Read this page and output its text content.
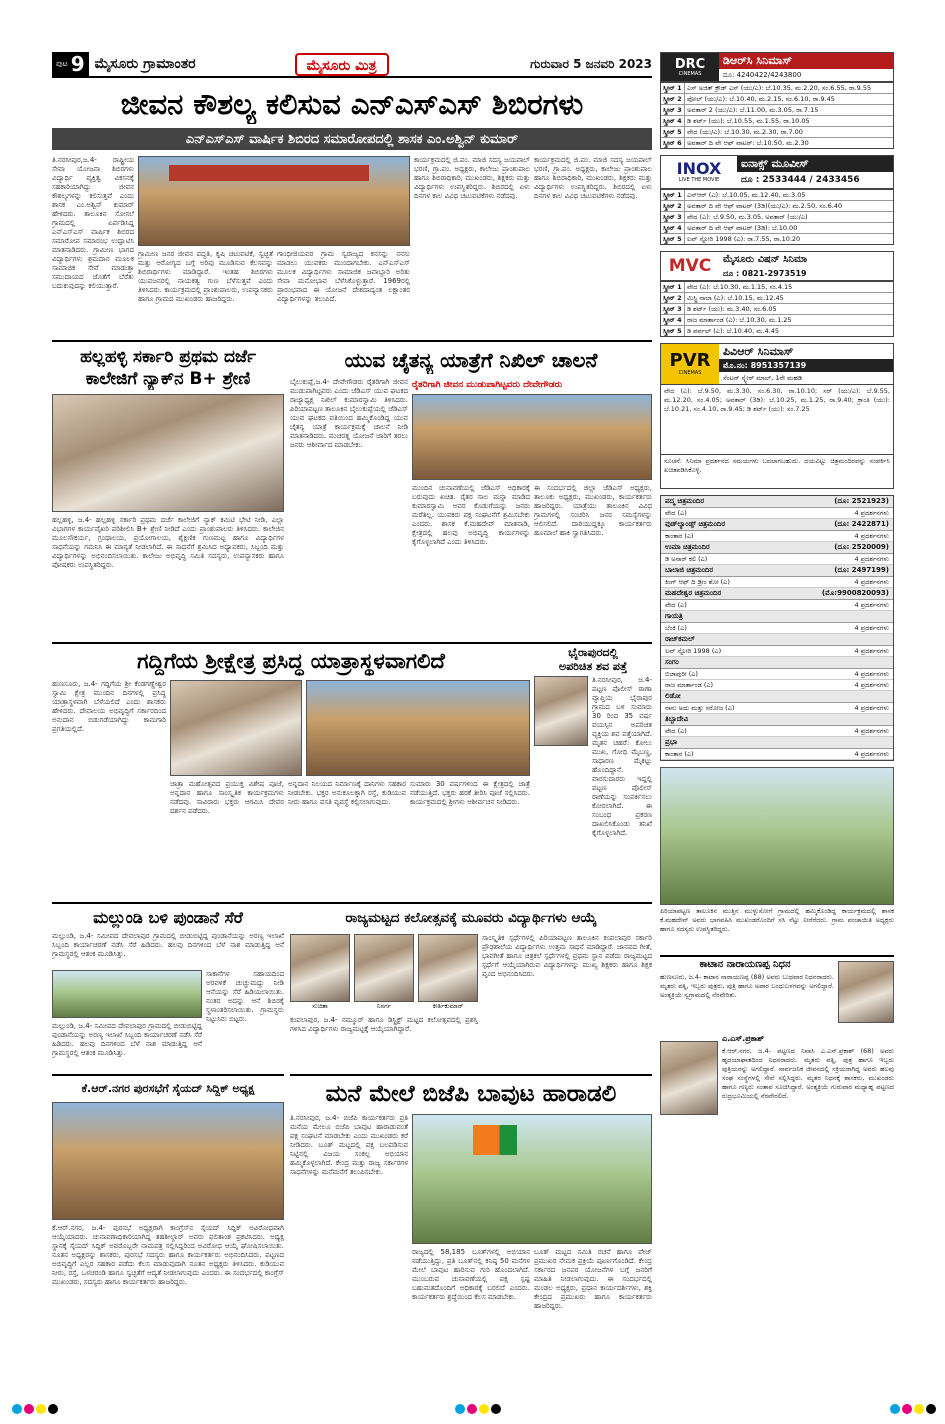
ಪುಟ 9 ಮೈಸೂರು ಗ್ರಾಮಾಂತರ	ಮೈಸೂರು ಮಿತ್ರ	ಗುರುವಾರ 5 ಜನವರಿ 2023
ಜೀವನ ಕೌಶಲ್ಯ ಕಲಿಸುವ ಎನ್‌ಎಸ್‌ಎಸ್ ಶಿಬಿರಗಳು
ಎನ್‌ಎಸ್‌ಎಸ್ ವಾರ್ಷಿಕ ಶಿಬಿರದ ಸಮಾರೋಪದಲ್ಲಿ ಶಾಸಕ ಎಂ.ಅಶ್ವಿನ್ ಕುಮಾರ್
ತಿ.ನರಸೀಪುರ,ಜ.4- ರಾಷ್ಟ್ರೀಯ ಸೇವಾ ಯೋಜನಾ ಶಿಬಿರಗಳು ವಿದ್ಯಾರ್ಥಿ ವ್ಯಕ್ತಿತ್ವ ವಿಕಸನಕ್ಕೆ ಸಹಕಾರಿಯಾಗಿದ್ದು ಜೀವನ ಕೌಶಲ್ಯಗಳನ್ನು ಕಲಿಸುತ್ತವೆ ಎಂದು ಶಾಸಕ ಎಂ.ಅಶ್ವಿನ್ ಕುಮಾರ್ ಹೇಳಿದರು. ತಾಲೂಕಿನ ಸೋಸಲೆ ಗ್ರಾಮದಲ್ಲಿ ಏರ್ಪಡಿಸಿದ್ದ ಎನ್‌ಎಸ್‌ಎಸ್ ವಾರ್ಷಿಕ ಶಿಬಿರದ ಸಮಾರೋಪ ಸಮಾರಂಭ ಉದ್ಘಾಟಿಸಿ ಮಾತನಾಡಿದರು. ಗ್ರಾಮೀಣ ಭಾಗದ ವಿದ್ಯಾರ್ಥಿಗಳು ಶ್ರಮದಾನ ಮೂಲಕ ಸಾಮಾಜಿಕ ಸೇವೆ ಮಾಡುತ್ತಾ ಸಮುದಾಯದ ಜೊತೆಗೆ ಬೆರೆತು ಬದುಕುವುದನ್ನು ಕಲಿಯುತ್ತಾರೆ.
ಗ್ರಾಮೀಣ ಜನರ ಜೀವನ ಪದ್ಧತಿ, ಕೃಷಿ ಚಟುವಟಿಕೆ, ಸ್ವಚ್ಛತೆ ಮತ್ತು ಆರೋಗ್ಯದ ಬಗ್ಗೆ ಅರಿವು ಮೂಡಿಸುವ ಕೆಲಸವನ್ನು ಶಿಬಿರಾರ್ಥಿಗಳು ಮಾಡಿದ್ದಾರೆ. ಇಂತಹ ಶಿಬಿರಗಳು ಯುವಜನರಲ್ಲಿ ನಾಯಕತ್ವ ಗುಣ ಬೆಳೆಸುತ್ತವೆ ಎಂದು ತಿಳಿಸಿದರು. ಕಾರ್ಯಕ್ರಮದಲ್ಲಿ ಪ್ರಾಂಶುಪಾಲರು, ಉಪನ್ಯಾಸಕರು ಹಾಗೂ ಗ್ರಾಮದ ಮುಖಂಡರು ಹಾಜರಿದ್ದರು.
ಗಾಂಧೀಜಿಯವರ ಗ್ರಾಮ ಸ್ವರಾಜ್ಯದ ಕನಸನ್ನು ನನಸು ಮಾಡಲು ಯುವಕರು ಮುಂದಾಗಬೇಕು. ಎನ್‌ಎಸ್‌ಎಸ್ ಮೂಲಕ ವಿದ್ಯಾರ್ಥಿಗಳು ಸಾಮಾಜಿಕ ಜವಾಬ್ದಾರಿ ಅರಿತು ಸೇವಾ ಮನೋಭಾವ ಬೆಳೆಸಿಕೊಳ್ಳುತ್ತಾರೆ. 1969ರಲ್ಲಿ ಪ್ರಾರಂಭವಾದ ಈ ಯೋಜನೆ ದೇಶದಾದ್ಯಂತ ಲಕ್ಷಾಂತರ ವಿದ್ಯಾರ್ಥಿಗಳನ್ನು ತಲುಪಿದೆ.
ಕಾರ್ಯಕ್ರಮದಲ್ಲಿ ಜಿ.ಪಂ. ಮಾಜಿ ಸದಸ್ಯ ಜಯಪಾಲ್ ಭರಣಿ, ಗ್ರಾ.ಪಂ. ಅಧ್ಯಕ್ಷರು, ಕಾಲೇಜು ಪ್ರಾಂಶುಪಾಲ ಹಾಗೂ ಶಿಬಿರಾಧಿಕಾರಿ, ಮುಖಂಡರು, ಶಿಕ್ಷಕರು ಮತ್ತು ವಿದ್ಯಾರ್ಥಿಗಳು ಉಪಸ್ಥಿತರಿದ್ದರು. ಶಿಬಿರದಲ್ಲಿ ಏಳು ದಿನಗಳ ಕಾಲ ವಿವಿಧ ಚಟುವಟಿಕೆಗಳು ನಡೆದವು.
ಕಾರ್ಯಕ್ರಮದಲ್ಲಿ ಜಿ.ಪಂ. ಮಾಜಿ ಸದಸ್ಯ ಜಯಪಾಲ್ ಭರಣಿ, ಗ್ರಾ.ಪಂ. ಅಧ್ಯಕ್ಷರು, ಕಾಲೇಜು ಪ್ರಾಂಶುಪಾಲ ಹಾಗೂ ಶಿಬಿರಾಧಿಕಾರಿ, ಮುಖಂಡರು, ಶಿಕ್ಷಕರು ಮತ್ತು ವಿದ್ಯಾರ್ಥಿಗಳು ಉಪಸ್ಥಿತರಿದ್ದರು. ಶಿಬಿರದಲ್ಲಿ ಏಳು ದಿನಗಳ ಕಾಲ ವಿವಿಧ ಚಟುವಟಿಕೆಗಳು ನಡೆದವು.
ಹಲ್ಲಹಳ್ಳಿ ಸರ್ಕಾರಿ ಪ್ರಥಮ ದರ್ಜೆ
ಕಾಲೇಜಿಗೆ ನ್ಯಾಕ್‌ನ B+ ಶ್ರೇಣಿ
ಹಲ್ಲಹಳ್ಳಿ, ಜ.4- ಹಲ್ಲಹಳ್ಳಿ ಸರ್ಕಾರಿ ಪ್ರಥಮ ದರ್ಜೆ ಕಾಲೇಜಿಗೆ ನ್ಯಾಕ್ ಕಮಿಟಿ ಭೇಟಿ ನೀಡಿ, ಎಲ್ಲಾ ವಿಭಾಗಗಳ ಕಾರ್ಯವೈಖರಿ ಪರಿಶೀಲಿಸಿ B+ ಶ್ರೇಣಿ ನೀಡಿದೆ ಎಂದು ಪ್ರಾಂಶುಪಾಲರು ತಿಳಿಸಿದರು. ಕಾಲೇಜಿನ ಮೂಲಸೌಕರ್ಯ, ಗ್ರಂಥಾಲಯ, ಪ್ರಯೋಗಾಲಯ, ಶೈಕ್ಷಣಿಕ ಗುಣಮಟ್ಟ ಹಾಗೂ ವಿದ್ಯಾರ್ಥಿಗಳ ಸಾಧನೆಯನ್ನು ಗಮನಿಸಿ ಈ ಮಾನ್ಯತೆ ನೀಡಲಾಗಿದೆ. ಈ ಸಾಧನೆಗೆ ಶ್ರಮಿಸಿದ ಅಧ್ಯಾಪಕರು, ಸಿಬ್ಬಂದಿ ಮತ್ತು ವಿದ್ಯಾರ್ಥಿಗಳನ್ನು ಅಭಿನಂದಿಸಲಾಯಿತು. ಕಾಲೇಜು ಅಭಿವೃದ್ಧಿ ಸಮಿತಿ ಸದಸ್ಯರು, ಉಪನ್ಯಾಸಕರು ಹಾಗೂ ಪೋಷಕರು ಉಪಸ್ಥಿತರಿದ್ದರು.
ಯುವ ಚೈತನ್ಯ ಯಾತ್ರೆಗೆ ನಿಖಿಲ್ ಚಾಲನೆ
ಬೈಲುಕುಪ್ಪೆ,ಜ.4- ದೇವೇಗೌಡರು ರೈತರಿಗಾಗಿ ಜೀವನ ಮುಡುಪಾಗಿಟ್ಟವರು ಎಂದು ಜೆಡಿಎಸ್ ಯುವ ಘಟಕದ ರಾಜ್ಯಾಧ್ಯಕ್ಷ ನಿಖಿಲ್ ಕುಮಾರಸ್ವಾಮಿ ತಿಳಿಸಿದರು. ಪಿರಿಯಾಪಟ್ಟಣ ತಾಲೂಕಿನ ಬೈಲುಕುಪ್ಪೆಯಲ್ಲಿ ಜೆಡಿಎಸ್ ಯುವ ಘಟಕದ ವತಿಯಿಂದ ಹಮ್ಮಿಕೊಂಡಿದ್ದ ಯುವ ಚೈತನ್ಯ ಯಾತ್ರೆ ಕಾರ್ಯಕ್ರಮಕ್ಕೆ ಚಾಲನೆ ನೀಡಿ ಮಾತನಾಡಿದರು. ಪಂಚರತ್ನ ಯೋಜನೆ ಜಾರಿಗೆ ತರಲು ಜನರು ಆಶೀರ್ವಾದ ಮಾಡಬೇಕು.
ರೈತರಿಗಾಗಿ ಜೀವನ ಮುಡುಪಾಗಿಟ್ಟವರು ದೇವೇಗೌಡರು
ಮುಂದಿನ ಚುನಾವಣೆಯಲ್ಲಿ ಜೆಡಿಎಸ್ ಅಧಿಕಾರಕ್ಕೆ ಬರುವುದು ಖಚಿತ. ರೈತರ ಸಾಲ ಮನ್ನಾ ಮಾಡಿದ ಕುಮಾರಸ್ವಾಮಿ ಅವರ ಕೊಡುಗೆಯನ್ನು ಜನರು ಮರೆತಿಲ್ಲ. ಯುವಕರು ಪಕ್ಷ ಸಂಘಟನೆಗೆ ಶ್ರಮಿಸಬೇಕು ಎಂದರು. ಶಾಸಕ ಕೆ.ಮಹದೇವ್ ಮಾತನಾಡಿ, ಕ್ಷೇತ್ರದಲ್ಲಿ ಹಲವು ಅಭಿವೃದ್ಧಿ ಕಾರ್ಯಗಳನ್ನು ಕೈಗೊಳ್ಳಲಾಗಿದೆ ಎಂದು ತಿಳಿಸಿದರು.
ಈ ಸಂದರ್ಭದಲ್ಲಿ ಜಿಲ್ಲಾ ಜೆಡಿಎಸ್ ಅಧ್ಯಕ್ಷರು, ತಾಲೂಕು ಅಧ್ಯಕ್ಷರು, ಮುಖಂಡರು, ಕಾರ್ಯಕರ್ತರು ಹಾಜರಿದ್ದರು. ಯಾತ್ರೆಯು ತಾಲೂಕಿನ ವಿವಿಧ ಗ್ರಾಮಗಳಲ್ಲಿ ಸಂಚರಿಸಿ ಜನರ ಸಮಸ್ಯೆಗಳನ್ನು ಆಲಿಸಲಿದೆ. ದಾರಿಯುದ್ದಕ್ಕೂ ಕಾರ್ಯಕರ್ತರು ಹೂಮಾಲೆ ಹಾಕಿ ಸ್ವಾಗತಿಸಿದರು.
ಗದ್ದಿಗೆಯ ಶ್ರೀಕ್ಷೇತ್ರ ಪ್ರಸಿದ್ಧ ಯಾತ್ರಾಸ್ಥಳವಾಗಲಿದೆ
ಹುಣಸೂರು, ಜ.4- ಗದ್ದಿಗೆಯ ಶ್ರೀ ಕೆಂಡಗಣ್ಣೇಶ್ವರ ಸ್ವಾಮಿ ಕ್ಷೇತ್ರ ಮುಂದಿನ ದಿನಗಳಲ್ಲಿ ಪ್ರಸಿದ್ಧ ಯಾತ್ರಾಸ್ಥಳವಾಗಿ ಬೆಳೆಯಲಿದೆ ಎಂದು ಶಾಸಕರು ಹೇಳಿದರು. ದೇವಾಲಯ ಅಭಿವೃದ್ಧಿಗೆ ಸರ್ಕಾರದಿಂದ ಅನುದಾನ ಬಿಡುಗಡೆಯಾಗಿದ್ದು ಕಾಮಗಾರಿ ಪ್ರಗತಿಯಲ್ಲಿದೆ.
ಜಾತ್ರಾ ಮಹೋತ್ಸವದ ಪ್ರಯುಕ್ತ ವಿಶೇಷ ಪೂಜೆ, ಅನ್ನದಾನ ಹಾಗೂ ಸಾಂಸ್ಕೃತಿಕ ಕಾರ್ಯಕ್ರಮಗಳು ನಡೆದವು. ಸಾವಿರಾರು ಭಕ್ತರು ಆಗಮಿಸಿ ದೇವರ ದರ್ಶನ ಪಡೆದರು.
ಅನ್ನದಾನ ನಿಲಯದ ನಿರ್ಮಾಣಕ್ಕೆ ದಾನಿಗಳು ಸಹಕಾರ ನೀಡಬೇಕು. ಭಕ್ತರ ಅನುಕೂಲಕ್ಕಾಗಿ ರಸ್ತೆ, ಕುಡಿಯುವ ನೀರು ಹಾಗೂ ವಸತಿ ವ್ಯವಸ್ಥೆ ಕಲ್ಪಿಸಲಾಗುವುದು.
ಸುಮಾರು 30 ವರ್ಷಗಳಿಂದ ಈ ಕ್ಷೇತ್ರದಲ್ಲಿ ಜಾತ್ರೆ ನಡೆಯುತ್ತಿದೆ. ಭಕ್ತರು ಹರಕೆ ತೀರಿಸಿ ಪೂಜೆ ಸಲ್ಲಿಸಿದರು. ಕಾರ್ಯಕ್ರಮದಲ್ಲಿ ಶ್ರೀಗಳು ಆಶೀರ್ವಚನ ನೀಡಿದರು.
ಭೈರಾಪುರದಲ್ಲಿ
ಅಪರಿಚಿತ ಶವ ಪತ್ತೆ
ತಿ.ನರಸೀಪುರ, ಜ.4- ಪಟ್ಟಣ ಪೊಲೀಸ್ ಠಾಣಾ ವ್ಯಾಪ್ತಿಯ ಭೈರಾಪುರ ಗ್ರಾಮದ ಬಳಿ ಸುಮಾರು 30 ರಿಂದ 35 ವರ್ಷ ವಯಸ್ಸಿನ ಅಪರಿಚಿತ ವ್ಯಕ್ತಿಯ ಶವ ಪತ್ತೆಯಾಗಿದೆ. ಮೃತನ ಚಹರೆ: ಕೋಲು ಮುಖ, ಗೋಧಿ ಮೈಬಣ್ಣ, ಸಾಧಾರಣ ಮೈಕಟ್ಟು ಹೊಂದಿದ್ದಾನೆ. ವಾರಸುದಾರರು ಇದ್ದಲ್ಲಿ ಪಟ್ಟಣ ಪೊಲೀಸ್ ಠಾಣೆಯನ್ನು ಸಂಪರ್ಕಿಸಲು ಕೋರಲಾಗಿದೆ. ಈ ಸಂಬಂಧ ಪ್ರಕರಣ ದಾಖಲಿಸಿಕೊಂಡು ತನಿಖೆ ಕೈಗೊಳ್ಳಲಾಗಿದೆ.
ಮಲ್ಲುಂಡಿ ಬಳಿ ಪುಂಡಾನೆ ಸೆರೆ
ಮಲ್ಲುಂಡಿ, ಜ.4- ಸಮೀಪದ ದೇವಲಾಪುರ ಗ್ರಾಮದಲ್ಲಿ ಬೀಡುಬಿಟ್ಟಿದ್ದ ಪುಂಡಾನೆಯನ್ನು ಅರಣ್ಯ ಇಲಾಖೆ ಸಿಬ್ಬಂದಿ ಕಾರ್ಯಾಚರಣೆ ನಡೆಸಿ ಸೆರೆ ಹಿಡಿದರು. ಹಲವು ದಿನಗಳಿಂದ ಬೆಳೆ ನಾಶ ಮಾಡುತ್ತಿದ್ದ ಆನೆ ಗ್ರಾಮಸ್ಥರಲ್ಲಿ ಆತಂಕ ಮೂಡಿಸಿತ್ತು.
ಸಾಕಾನೆಗಳ ಸಹಾಯದಿಂದ ಅರವಳಿಕೆ ಚುಚ್ಚುಮದ್ದು ನೀಡಿ ಆನೆಯನ್ನು ಸೆರೆ ಹಿಡಿಯಲಾಯಿತು. ನಂತರ ಅದನ್ನು ಆನೆ ಶಿಬಿರಕ್ಕೆ ಸ್ಥಳಾಂತರಿಸಲಾಯಿತು. ಗ್ರಾಮಸ್ಥರು ನಿಟ್ಟುಸಿರು ಬಿಟ್ಟರು.
ಮಲ್ಲುಂಡಿ, ಜ.4- ಸಮೀಪದ ದೇವಲಾಪುರ ಗ್ರಾಮದಲ್ಲಿ ಬೀಡುಬಿಟ್ಟಿದ್ದ ಪುಂಡಾನೆಯನ್ನು ಅರಣ್ಯ ಇಲಾಖೆ ಸಿಬ್ಬಂದಿ ಕಾರ್ಯಾಚರಣೆ ನಡೆಸಿ ಸೆರೆ ಹಿಡಿದರು. ಹಲವು ದಿನಗಳಿಂದ ಬೆಳೆ ನಾಶ ಮಾಡುತ್ತಿದ್ದ ಆನೆ ಗ್ರಾಮಸ್ಥರಲ್ಲಿ ಆತಂಕ ಮೂಡಿಸಿತ್ತು.
ರಾಜ್ಯಮಟ್ಟದ ಕಲೋತ್ಸವಕ್ಕೆ ಮೂವರು ವಿದ್ಯಾರ್ಥಿಗಳು ಆಯ್ಕೆ
ಸುಚಿತಾ	ನಿಸರ್ಗ	ಕೀರ್ತಿಕುಮಾರ್
ಕಂಪಲಾಪುರ, ಜ.4- ನಮ್ಮೂರ್ ಹಾಗೂ ಡಿಸ್ಟ್ರಿಕ್ಟ್ ಮಟ್ಟದ ಕಲೋತ್ಸವದಲ್ಲಿ ಪ್ರಶಸ್ತಿ ಗಳಿಸಿದ ವಿದ್ಯಾರ್ಥಿಗಳು ರಾಜ್ಯಮಟ್ಟಕ್ಕೆ ಆಯ್ಕೆಯಾಗಿದ್ದಾರೆ.
ಸಾಂಸ್ಕೃತಿಕ ಸ್ಪರ್ಧೆಗಳಲ್ಲಿ ಪಿರಿಯಾಪಟ್ಟಣ ತಾಲೂಕಿನ ಕಂಪಲಾಪುರ ಸರ್ಕಾರಿ ಪ್ರೌಢಶಾಲೆಯ ವಿದ್ಯಾರ್ಥಿಗಳು ಉತ್ತಮ ಸಾಧನೆ ಮಾಡಿದ್ದಾರೆ. ಜಾನಪದ ಗೀತೆ, ಭಾವಗೀತೆ ಹಾಗೂ ಚಿತ್ರಕಲೆ ಸ್ಪರ್ಧೆಗಳಲ್ಲಿ ಪ್ರಥಮ ಸ್ಥಾನ ಪಡೆದು ರಾಜ್ಯಮಟ್ಟದ ಸ್ಪರ್ಧೆಗೆ ಆಯ್ಕೆಯಾಗಿರುವ ವಿದ್ಯಾರ್ಥಿಗಳನ್ನು ಮುಖ್ಯ ಶಿಕ್ಷಕರು ಹಾಗೂ ಶಿಕ್ಷಕ ವೃಂದ ಅಭಿನಂದಿಸಿದರು.
ಮನೆ ಮೇಲೆ ಬಿಜೆಪಿ ಬಾವುಟ ಹಾರಾಡಲಿ
ತಿ.ನರಸೀಪುರ, ಜ.4- ಬಿಜೆಪಿ ಕಾರ್ಯಕರ್ತರು ಪ್ರತಿ ಮನೆಯ ಮೇಲೂ ಬಿಜೆಪಿ ಬಾವುಟ ಹಾರಾಡುವಂತೆ ಪಕ್ಷ ಸಂಘಟನೆ ಮಾಡಬೇಕು ಎಂದು ಮುಖಂಡರು ಕರೆ ನೀಡಿದರು. ಬೂತ್ ಮಟ್ಟದಲ್ಲಿ ಪಕ್ಷ ಬಲಪಡಿಸುವ ನಿಟ್ಟಿನಲ್ಲಿ ವಿಜಯ ಸಂಕಲ್ಪ ಅಭಿಯಾನ ಹಮ್ಮಿಕೊಳ್ಳಲಾಗಿದೆ. ಕೇಂದ್ರ ಮತ್ತು ರಾಜ್ಯ ಸರ್ಕಾರಗಳ ಸಾಧನೆಗಳನ್ನು ಮನೆಮನೆಗೆ ತಲುಪಿಸಬೇಕು.
ರಾಜ್ಯದಲ್ಲಿ 58,185 ಬೂತ್‌ಗಳಲ್ಲಿ ಅಭಿಯಾನ ನಡೆಯುತ್ತಿದ್ದು, ಪ್ರತಿ ಬೂತ್‌ನಲ್ಲಿ ಕನಿಷ್ಠ 50 ಮನೆಗಳ ಮೇಲೆ ಬಾವುಟ ಹಾರಿಸುವ ಗುರಿ ಹೊಂದಲಾಗಿದೆ. ಮುಂಬರುವ ಚುನಾವಣೆಯಲ್ಲಿ ಪಕ್ಷ ಸ್ಪಷ್ಟ ಬಹುಮತದೊಂದಿಗೆ ಅಧಿಕಾರಕ್ಕೆ ಬರಲಿದೆ ಎಂದರು. ಕಾರ್ಯಕರ್ತರು ಶ್ರದ್ಧೆಯಿಂದ ಕೆಲಸ ಮಾಡಬೇಕು.
ಬೂತ್ ಮಟ್ಟದ ಸಮಿತಿ ರಚನೆ ಹಾಗೂ ಪೇಜ್ ಪ್ರಮುಖರ ನೇಮಕ ಪ್ರಕ್ರಿಯೆ ಪೂರ್ಣಗೊಂಡಿದೆ. ಕೇಂದ್ರ ಸರ್ಕಾರದ ಜನಪರ ಯೋಜನೆಗಳ ಬಗ್ಗೆ ಜನರಿಗೆ ಮಾಹಿತಿ ನೀಡಲಾಗುವುದು. ಈ ಸಂದರ್ಭದಲ್ಲಿ ಮಂಡಲ ಅಧ್ಯಕ್ಷರು, ಪ್ರಧಾನ ಕಾರ್ಯದರ್ಶಿಗಳು, ಶಕ್ತಿ ಕೇಂದ್ರದ ಪ್ರಮುಖರು ಹಾಗೂ ಕಾರ್ಯಕರ್ತರು ಹಾಜರಿದ್ದರು.
ಕೆ.ಆರ್.ನಗರ ಪುರಸಭೆಗೆ ಸೈಯದ್ ಸಿದ್ದಿಕ್ ಅಧ್ಯಕ್ಷ
ಕೆ.ಆರ್.ನಗರ, ಜ.4- ಪುರಸಭೆ ಅಧ್ಯಕ್ಷರಾಗಿ ಕಾಂಗ್ರೆಸ್‌ನ ಸೈಯದ್ ಸಿದ್ದಿಕ್ ಅವಿರೋಧವಾಗಿ ಆಯ್ಕೆಯಾದರು. ಚುನಾವಣಾಧಿಕಾರಿಯಾಗಿದ್ದ ತಹಶೀಲ್ದಾರ್ ಅವರು ಫಲಿತಾಂಶ ಪ್ರಕಟಿಸಿದರು. ಅಧ್ಯಕ್ಷ ಸ್ಥಾನಕ್ಕೆ ಸೈಯದ್ ಸಿದ್ದಿಕ್ ಅವರೊಬ್ಬರೇ ನಾಮಪತ್ರ ಸಲ್ಲಿಸಿದ್ದರಿಂದ ಅವಿರೋಧ ಆಯ್ಕೆ ಘೋಷಿಸಲಾಯಿತು. ನೂತನ ಅಧ್ಯಕ್ಷರನ್ನು ಶಾಸಕರು, ಪುರಸಭೆ ಸದಸ್ಯರು ಹಾಗೂ ಕಾರ್ಯಕರ್ತರು ಅಭಿನಂದಿಸಿದರು. ಪಟ್ಟಣದ ಅಭಿವೃದ್ಧಿಗೆ ಎಲ್ಲರ ಸಹಕಾರ ಪಡೆದು ಕೆಲಸ ಮಾಡುವುದಾಗಿ ನೂತನ ಅಧ್ಯಕ್ಷರು ತಿಳಿಸಿದರು. ಕುಡಿಯುವ ನೀರು, ರಸ್ತೆ, ಒಳಚರಂಡಿ ಹಾಗೂ ಸ್ವಚ್ಛತೆಗೆ ಆದ್ಯತೆ ನೀಡಲಾಗುವುದು ಎಂದರು. ಈ ಸಂದರ್ಭದಲ್ಲಿ ಕಾಂಗ್ರೆಸ್ ಮುಖಂಡರು, ಸದಸ್ಯರು ಹಾಗೂ ಕಾರ್ಯಕರ್ತರು ಹಾಜರಿದ್ದರು.
DRC
CINEMAS
ಡಿಆರ್‌ಸಿ ಸಿನಿಮಾಸ್
ದೂ: 4240422/4243800
ಸ್ಕ್ರೀನ್ 1 ಎಸ್ ಅಜಿತ್ ಕ್ರೌಡ್‌ ಎಸ್ (ಯು/ಎ): ಬೆ.10.35, ಮ.2.20, ಸಂ.6.55, ರಾ.9.55
ಸ್ಕ್ರೀನ್ 2 ಪೋಲ್ (ಯು/ಎ): ಬೆ.10.40, ಮ.2.15, ಸಂ.6.10, ರಾ.9.45
ಸ್ಕ್ರೀನ್ 3 ಅವತಾರ್ 2 (ಯು/ಎ): ಬೆ.11.00, ಮ.3.05, ರಾ.7.15
ಸ್ಕ್ರೀನ್ 4 ಡಿ ಶರ್ಟ್ (ಯು): ಬೆ.10.55, ಮ.1.55, ರಾ.10.05
ಸ್ಕ್ರೀನ್ 5 ವೇದ (ಯು/ಎ): ಬೆ.10.30, ಮ.2.30, ರಾ.7.00
ಸ್ಕ್ರೀನ್ 6 ಅವತಾರ್ ದಿ ವೇ ಆಫ್ ವಾಟರ್: ಬೆ.10.50, ಮ.2.30
INOX
LIVE THE MOVIE
ಐನಾಕ್ಸ್ ಮೂವೀಸ್
ದೂ : 2533444 / 2433456
ಸ್ಕ್ರೀನ್ 1 ಎನ್‌ಆರ್ (ಎ): ಬೆ.10.05, ಮ.12.40, ಮ.3.05
ಸ್ಕ್ರೀನ್ 2 ಅವತಾರ್ ದಿ ವೇ ಆಫ್ ವಾಟರ್ (3ಡಿ)(ಯು/ಎ): ಮ.2.50, ಸಂ.6.40
ಸ್ಕ್ರೀನ್ 3 ವೇದ (ಎ): ಬೆ.9.50, ಮ.3.05, ಅವತಾರ್ (ಯು/ಎ)
ಸ್ಕ್ರೀನ್ 4 ಅವತಾರ್ ದಿ ವೇ ಆಫ್ ವಾಟರ್ (3ಡಿ): ಬೆ.10.00
ಸ್ಕ್ರೀನ್ 5 ಲವ್ ಸ್ಟೋರಿ 1998 (ಎ): ರಾ.7.55, ರಾ.10.20
MVC	ಮೈಸೂರು ವಿಷನ್ ಸಿನಿಮಾ
ದೂ : 0821-2973519
ಸ್ಕ್ರೀನ್ 1 ವೇದ (ಎ): ಬೆ.10.30, ಮ.1.15, ಸಂ.4.15
ಸ್ಕ್ರೀನ್ 2 ಮಿಸ್ಟ್ರಿ ನಾಲಾ (ಎ): ಬೆ.10.15, ಮ.12.45
ಸ್ಕ್ರೀನ್ 3 ಡಿ ಶರ್ಟ್ (ಯು): ಮ.3.40, ಸಂ.6.05
ಸ್ಕ್ರೀನ್ 4 ರಾಜ ಮಾರ್ತಾಂಡ (ಎ): ಬೆ.10.30, ಮ.1.25
ಸ್ಕ್ರೀನ್ 5 ಡಿ ಪರ್ಪಲ್ (ಎ): ಬೆ.10.40, ಮ.4.45
PVR
CINEMAS
ಪಿವಿಆರ್ ಸಿನಿಮಾಸ್
ಮೊ.ನಂ: 8951357139
ಸೆಂಟರ್ ಸ್ಕ್ವೇರ್ ಮಾಲ್, 1ನೇ ಮಹಡಿ
ವೇದ (ಎ): ಬೆ.9.50, ಮ.3.30, ಸಂ.6.30, ರಾ.10.10; ಸರ್ (ಯು/ಎ): ಬೆ.9.55, ಮ.12.20, ಸಂ.4.05; ಅವತಾರ್ (3ಡಿ): ಬೆ.10.25, ಮ.1.25, ರಾ.9.40; ಕ್ರಾಂತಿ (ಯು): ಬೆ.10.21, ಸಂ.4.10, ರಾ.9.45; ಡಿ ಶರ್ಟ್ (ಯು): ಸಂ.7.25
ಸೂಚನೆ: ಸಿನಿಮಾ ಪ್ರದರ್ಶನದ ಸಮಯಗಳು ಬದಲಾಗಬಹುದು. ದಯವಿಟ್ಟು ಚಿತ್ರಮಂದಿರವನ್ನು ಸಂಪರ್ಕಿಸಿ ಖಚಿತಪಡಿಸಿಕೊಳ್ಳಿ.
ಪದ್ಮ ಚಿತ್ರಮಂದಿರ	(ದೂ: 2521923)
ವೇದ (ಎ)	4 ಪ್ರದರ್ಶನಗಳು
ವುಡ್‌ಲ್ಯಾಂಡ್ಸ್ ಚಿತ್ರಮಂದಿರ	(ದೂ: 2422871)
ಕಾಂತಾರ (ಎ)	4 ಪ್ರದರ್ಶನಗಳು
ಉಮಾ ಚಿತ್ರಮಂದಿರ	(ದೂ: 2520009)
ಡಿ ಅನಾರ್ ಕಲಿ (ಎ)	4 ಪ್ರದರ್ಶನಗಳು
ಬಾಲಾಜಿ ಚಿತ್ರಮಂದಿರ	(ದೂ: 2497199)
ಕಿಂಗ್ ಆಫ್ ದಿ ಡ್ರೀಂ ಶೋ (ಎ)	4 ಪ್ರದರ್ಶನಗಳು
ಮಹದೇಶ್ವರ ಚಿತ್ರಮಂದಿರ	(ಮೊ:9900820093)
ವೇದ (ಎ)	4 ಪ್ರದರ್ಶನಗಳು
ಗಾಯತ್ರಿ
ಬೆಂಕಿ (ಎ)	4 ಪ್ರದರ್ಶನಗಳು
ರಾಜ್‌ಕಮಲ್
ಲವ್ ಸ್ಟೋರಿ 1998 (ಎ)	4 ಪ್ರದರ್ಶನಗಳು
ಸಂಗಂ
ಬಿಜಾಪುರೀ (ಎ)	4 ಪ್ರದರ್ಶನಗಳು
ರಾಜ ಮಾರ್ತಾಂಡ (ಎ)	4 ಪ್ರದರ್ಶನಗಳು
ಲಿಡೋ
ನಾನು ಅದು ಮತ್ತು ಸರೋಜ (ಎ)	4 ಪ್ರದರ್ಶನಗಳು
ತಿಬ್ಬಾದೇವಿ
ವೇದ (ಎ)	4 ಪ್ರದರ್ಶನಗಳು
ಪ್ರಭಾ
ಕಾಂತಾರ (ಎ)	4 ಪ್ರದರ್ಶನಗಳು
ಪಿರಿಯಾಪಟ್ಟಣ ತಾಲೂಕಿನ ಮುತ್ತಿನ ಮುಳ್ಳುಸೋಗೆ ಗ್ರಾಮದಲ್ಲಿ ಹಮ್ಮಿಕೊಂಡಿದ್ದ ಕಾರ್ಯಕ್ರಮದಲ್ಲಿ ಶಾಸಕ ಕೆ.ಮಹದೇವ್ ಅವರು ಭಾಗವಹಿಸಿ ಮುಖಂಡರೊಂದಿಗೆ ಸಸಿ ನೆಟ್ಟು ನೀರೆರೆದರು. ಗ್ರಾಮ ಪಂಚಾಯಿತಿ ಅಧ್ಯಕ್ಷರು ಹಾಗೂ ಸದಸ್ಯರು ಉಪಸ್ಥಿತರಿದ್ದರು.
ಕಾಟಾನ ನಾರಾಯಣಪ್ಪ ನಿಧನ
ಹುಣಸೂರು, ಜ.4- ಕಾಟಾನ ನಾರಾಯಣಪ್ಪ (88) ಅವರು ಬುಧವಾರ ನಿಧನರಾದರು. ಮೃತರು ಪತ್ನಿ, ಇಬ್ಬರು ಪುತ್ರರು, ಪುತ್ರಿ ಹಾಗೂ ಅಪಾರ ಬಂಧುಬಳಗವನ್ನು ಅಗಲಿದ್ದಾರೆ. ಅಂತ್ಯಕ್ರಿಯೆ ಸ್ವಗ್ರಾಮದಲ್ಲಿ ನೆರವೇರಿತು.
ಎ.ಎಸ್.ಪ್ರಕಾಶ್
ಕೆ.ಆರ್.ನಗರ, ಜ.4- ಪಟ್ಟಣದ ನಿವಾಸಿ ಎ.ಎಸ್.ಪ್ರಕಾಶ್ (68) ಅವರು ಹೃದಯಾಘಾತದಿಂದ ನಿಧನರಾದರು. ಮೃತರು ಪತ್ನಿ, ಪುತ್ರ ಹಾಗೂ ಇಬ್ಬರು ಪುತ್ರಿಯರನ್ನು ಅಗಲಿದ್ದಾರೆ. ಸಾರ್ವಜನಿಕ ಜೀವನದಲ್ಲಿ ಸಕ್ರಿಯರಾಗಿದ್ದ ಅವರು ಹಲವು ಸಂಘ ಸಂಸ್ಥೆಗಳಲ್ಲಿ ಸೇವೆ ಸಲ್ಲಿಸಿದ್ದರು. ಮೃತರ ನಿಧನಕ್ಕೆ ಶಾಸಕರು, ಮುಖಂಡರು ಹಾಗೂ ಗಣ್ಯರು ಸಂತಾಪ ಸೂಚಿಸಿದ್ದಾರೆ. ಅಂತ್ಯಕ್ರಿಯೆ ಗುರುವಾರ ಮಧ್ಯಾಹ್ನ ಪಟ್ಟಣದ ರುದ್ರಭೂಮಿಯಲ್ಲಿ ನೆರವೇರಲಿದೆ.
